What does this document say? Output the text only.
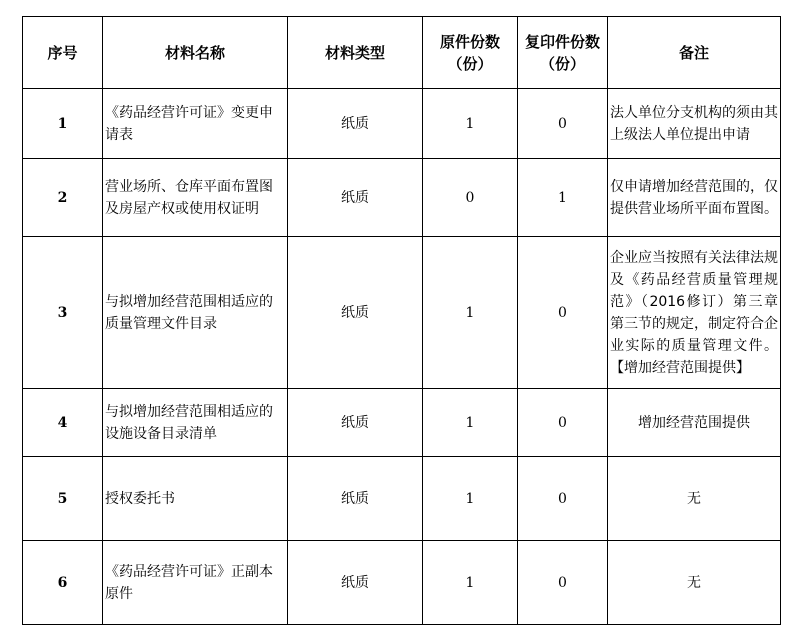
序号	材料名称	材料类型	原件份数（份）	复印件份数（份）	备注
1	《药品经营许可证》变更申请表	纸质	1	0	法人单位分支机构的须由其上级法人单位提出申请
2	营业场所、仓库平面布置图及房屋产权或使用权证明	纸质	0	1	仅申请增加经营范围的，仅提供营业场所平面布置图。
3	与拟增加经营范围相适应的质量管理文件目录	纸质	1	0	企业应当按照有关法律法规及《药品经营质量管理规范》（2016修订）第三章第三节的规定，制定符合企业实际的质量管理文件。【增加经营范围提供】
4	与拟增加经营范围相适应的设施设备目录清单	纸质	1	0	增加经营范围提供
5	授权委托书	纸质	1	0	无
6	《药品经营许可证》正副本原件	纸质	1	0	无
